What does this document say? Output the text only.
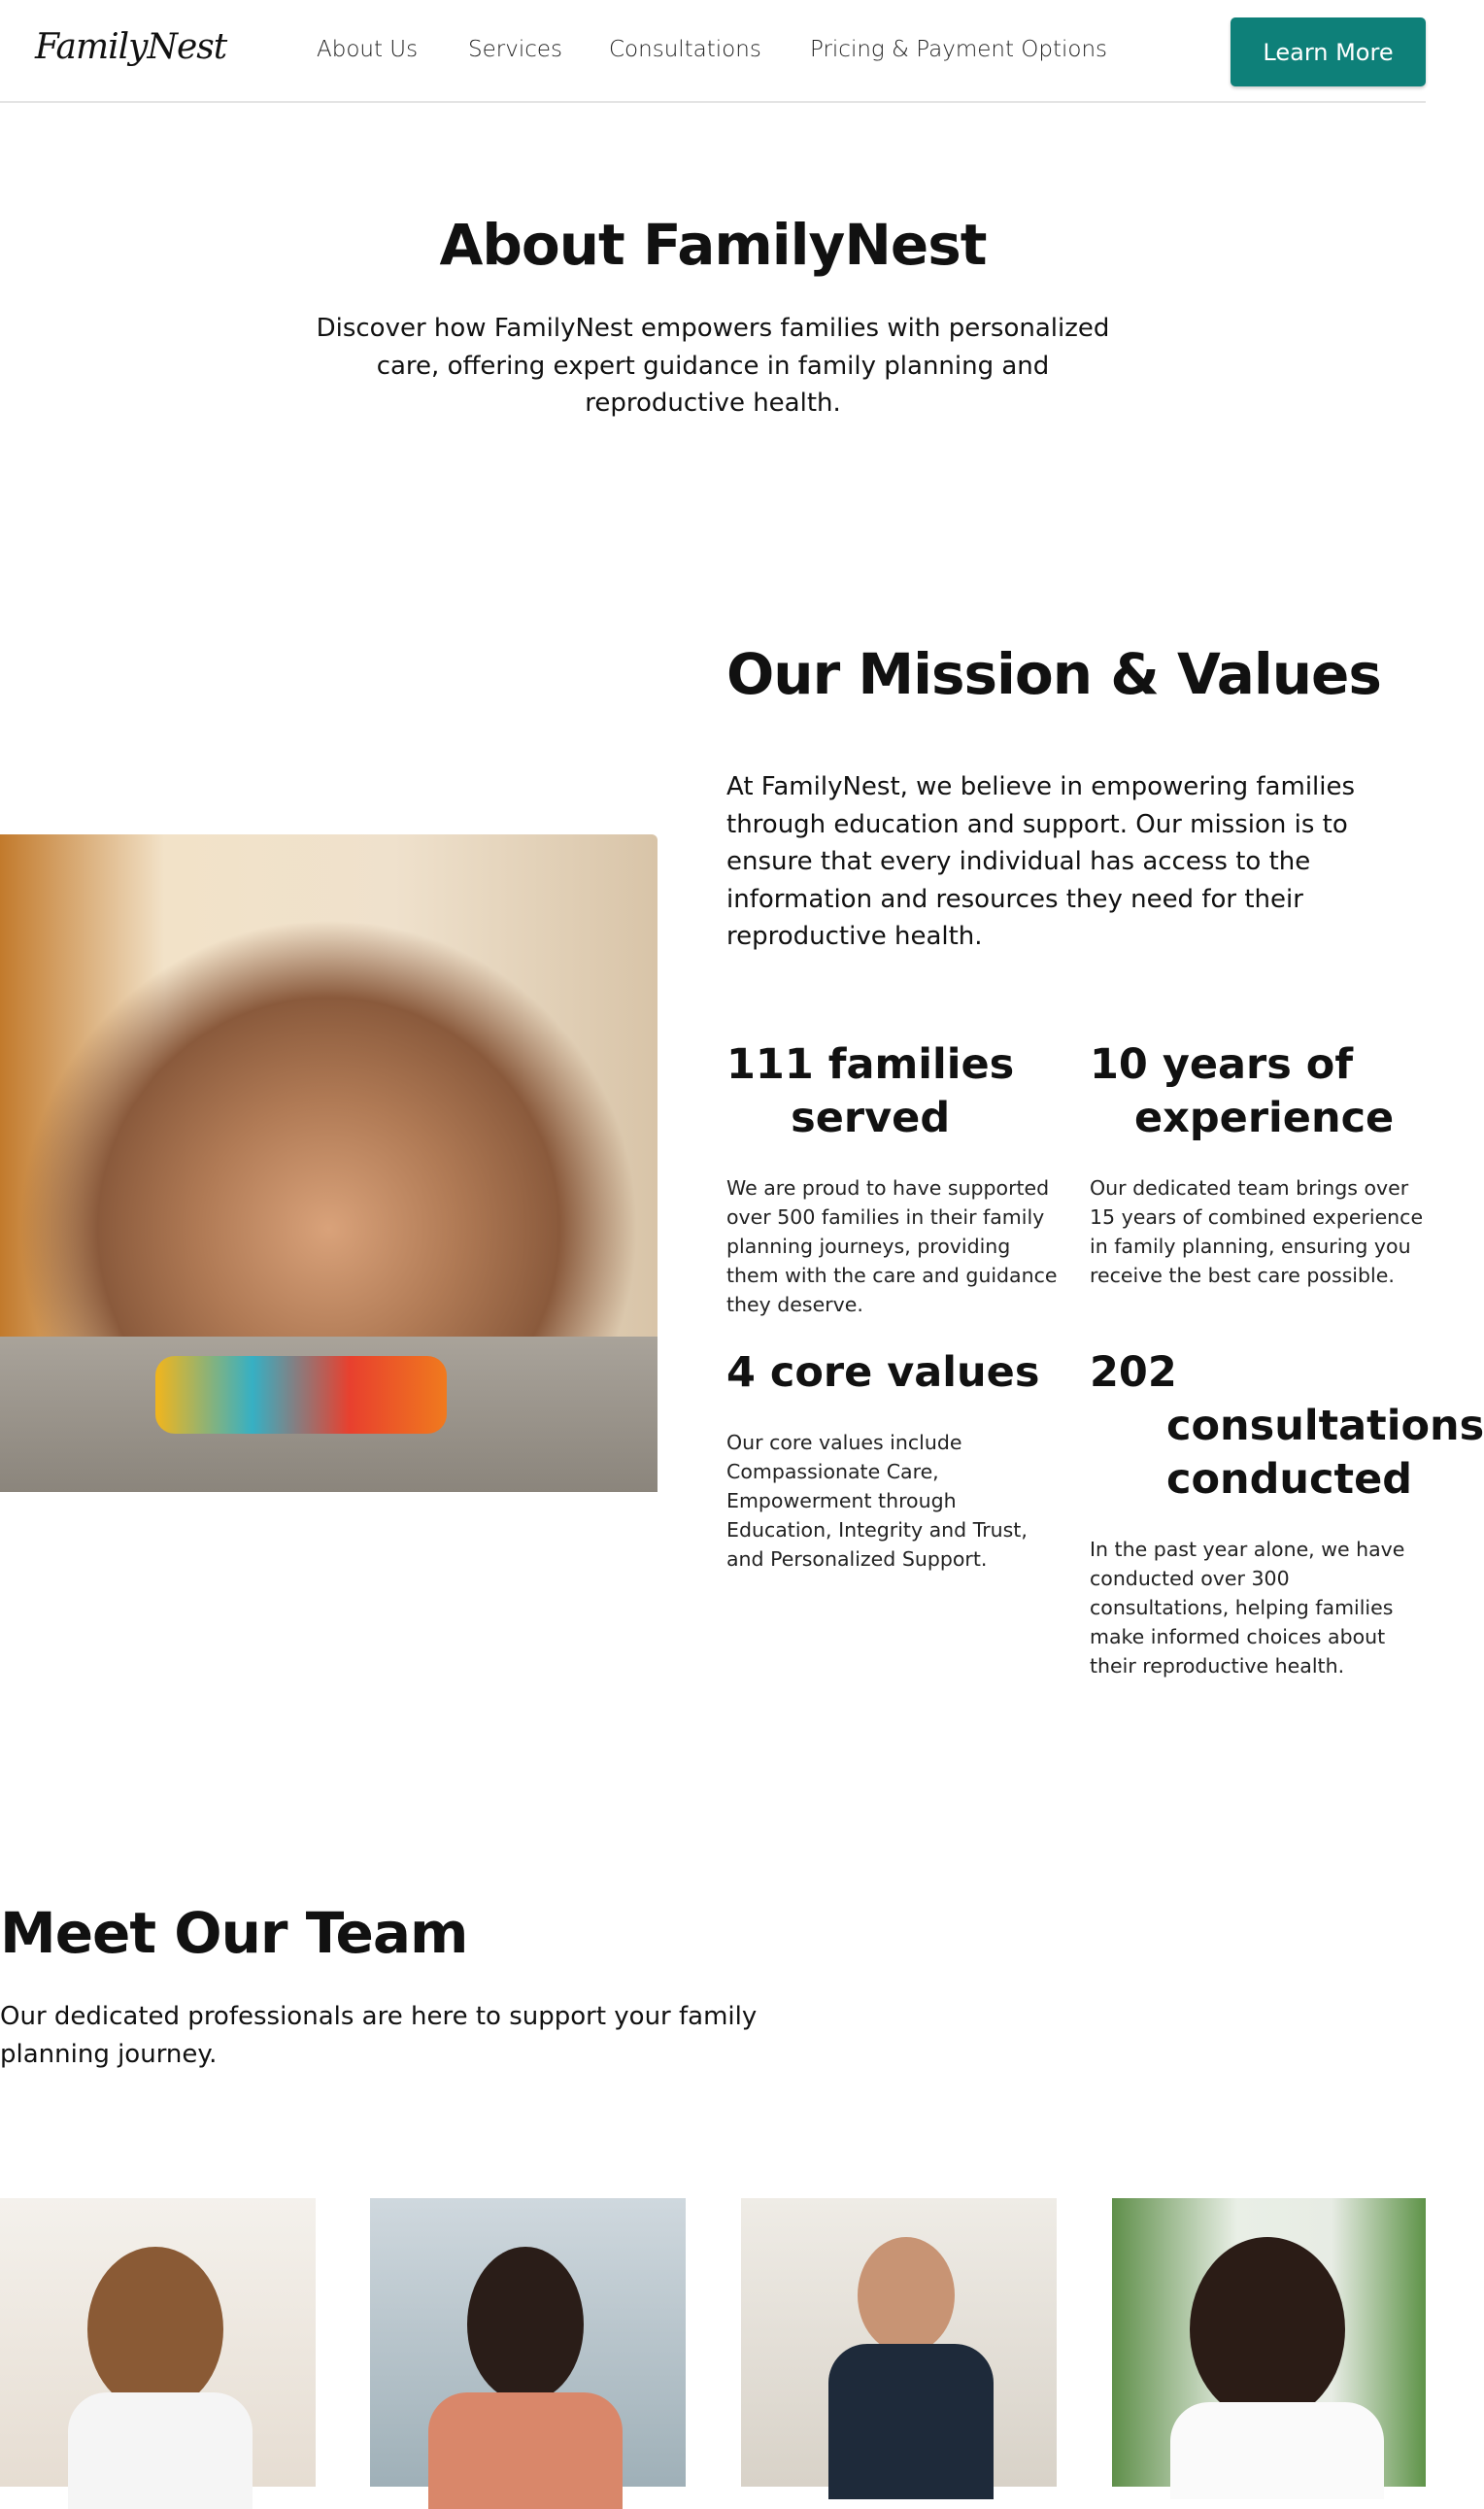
FamilyNest	About Us Services Consultations Pricing & Payment Options	Learn More
About FamilyNest
Discover how FamilyNest empowers families with personalized care, offering expert guidance in family planning and reproductive health.
Our Mission & Values
At FamilyNest, we believe in empowering families through education and support. Our mission is to ensure that every individual has access to the information and resources they need for their reproductive health.
111 families
served
We are proud to have supported over 500 families in their family planning journeys, providing them with the care and guidance they deserve.
10 years of
experience
Our dedicated team brings over 15 years of combined experience in family planning, ensuring you receive the best care possible.
4 core values
Our core values include Compassionate Care, Empowerment through Education, Integrity and Trust, and Personalized Support.
202
consultations
conducted
In the past year alone, we have conducted over 300 consultations, helping families make informed choices about their reproductive health.
Meet Our Team
Our dedicated professionals are here to support your family planning journey.
